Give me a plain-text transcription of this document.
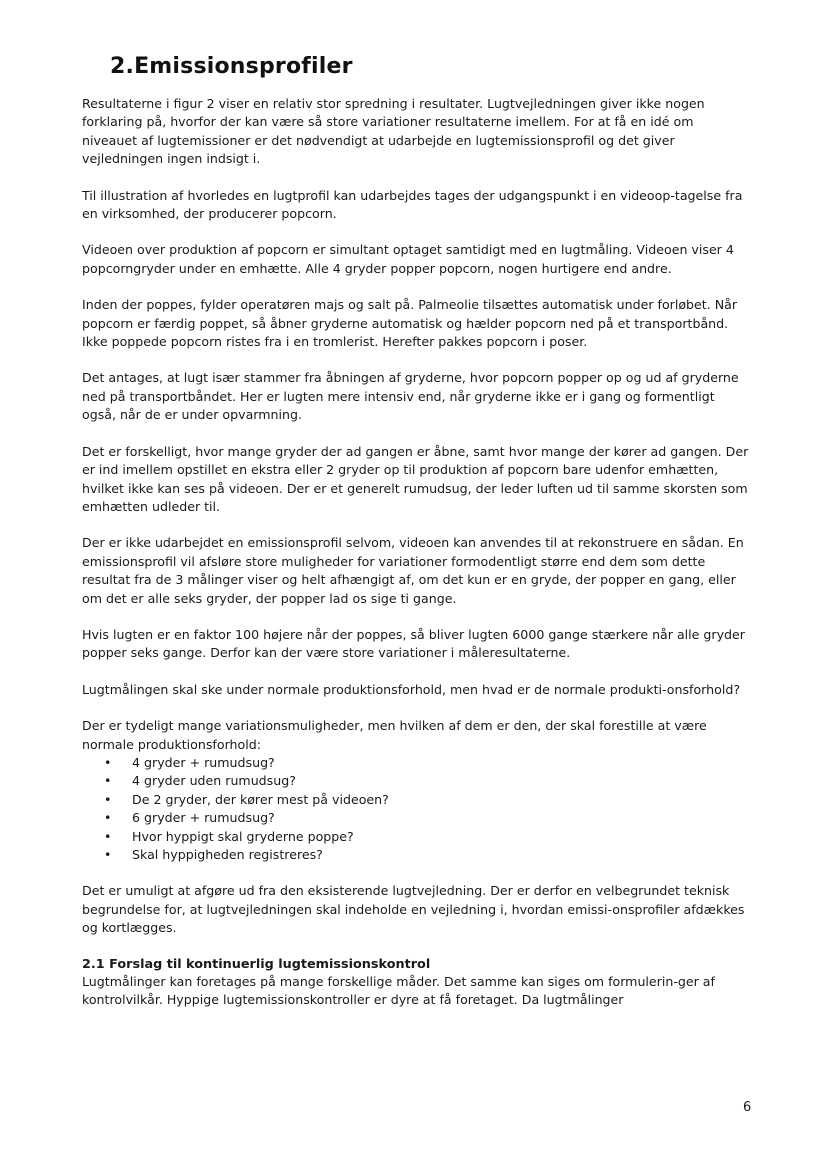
2.Emissionsprofiler

Resultaterne i figur 2 viser en relativ stor spredning i resultater. Lugtvejledningen giver ikke nogen forklaring på, hvorfor der kan være så store variationer resultaterne imellem. For at få en idé om niveauet af lugtemissioner er det nødvendigt at udarbejde en lugtemissionsprofil og det giver vejledningen ingen indsigt i.

Til illustration af hvorledes en lugtprofil kan udarbejdes tages der udgangspunkt i en videoop-tagelse fra en virksomhed, der producerer popcorn.

Videoen over produktion af popcorn er simultant optaget samtidigt med en lugtmåling. Videoen viser 4 popcorngryder under en emhætte. Alle 4 gryder popper popcorn, nogen hurtigere end andre.

Inden der poppes, fylder operatøren majs og salt på. Palmeolie tilsættes automatisk under forløbet. Når popcorn er færdig poppet, så åbner gryderne automatisk og hælder popcorn ned på et transportbånd. Ikke poppede popcorn ristes fra i en tromlerist. Herefter pakkes popcorn i poser.

Det antages, at lugt især stammer fra åbningen af gryderne, hvor popcorn popper op og ud af gryderne ned på transportbåndet. Her er lugten mere intensiv end, når gryderne ikke er i gang og formentligt også, når de er under opvarmning.

Det er forskelligt, hvor mange gryder der ad gangen er åbne, samt hvor mange der kører ad gangen. Der er ind imellem opstillet en ekstra eller 2 gryder op til produktion af popcorn bare udenfor emhætten, hvilket ikke kan ses på videoen. Der er et generelt rumudsug, der leder luften ud til samme skorsten som emhætten udleder til.

Der er ikke udarbejdet en emissionsprofil selvom, videoen kan anvendes til at rekonstruere en sådan. En emissionsprofil vil afsløre store muligheder for variationer formodentligt større end dem som dette resultat fra de 3 målinger viser og helt afhængigt af, om det kun er en gryde, der popper en gang, eller om det er alle seks gryder, der popper lad os sige ti gange.

Hvis lugten er en faktor 100 højere når der poppes, så bliver lugten 6000 gange stærkere når alle gryder popper seks gange. Derfor kan der være store variationer i måleresultaterne.

Lugtmålingen skal ske under normale produktionsforhold, men hvad er de normale produkti-onsforhold?

Der er tydeligt mange variationsmuligheder, men hvilken af dem er den, der skal forestille at være normale produktionsforhold:

• 4 gryder + rumudsug?
• 4 gryder uden rumudsug?
• De 2 gryder, der kører mest på videoen?
• 6 gryder + rumudsug?
• Hvor hyppigt skal gryderne poppe?
• Skal hyppigheden registreres?

Det er umuligt at afgøre ud fra den eksisterende lugtvejledning. Der er derfor en velbegrundet teknisk begrundelse for, at lugtvejledningen skal indeholde en vejledning i, hvordan emissi-onsprofiler afdækkes og kortlægges.

2.1 Forslag til kontinuerlig lugtemissionskontrol

Lugtmålinger kan foretages på mange forskellige måder. Det samme kan siges om formulerin-ger af kontrolvilkår. Hyppige lugtemissionskontroller er dyre at få foretaget. Da lugtmålinger

6
